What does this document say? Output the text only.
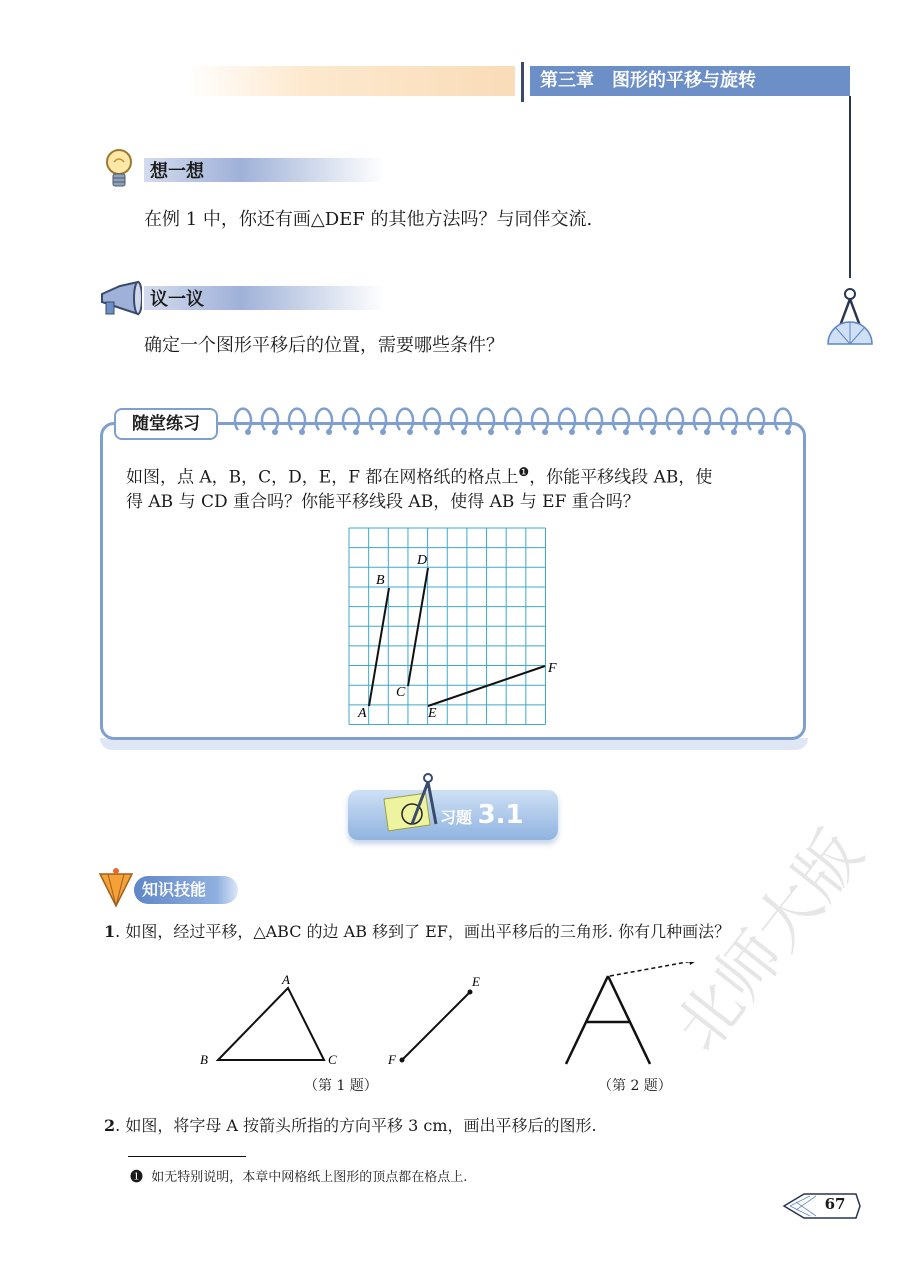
第三章　图形的平移与旋转
想一想
在例 1 中，你还有画△DEF 的其他方法吗？与同伴交流.
议一议
确定一个图形平移后的位置，需要哪些条件？
随堂练习
如图，点 A，B，C，D，E，F 都在网格纸的格点上$^❶$，你能平移线段 AB，使
得 AB 与 CD 重合吗？你能平移线段 AB，使得 AB 与 EF 重合吗？
A
B
C
D
E
F
习题 3.1
知识技能
1. 如图，经过平移，△ABC 的边 AB 移到了 EF，画出平移后的三角形. 你有几种画法？
A
B	C
E
F
（第 1 题）	（第 2 题）
2. 如图，将字母 A 按箭头所指的方向平移 3 cm，画出平移后的图形.
❶ 如无特别说明，本章中网格纸上图形的顶点都在格点上.
北师大版
67
